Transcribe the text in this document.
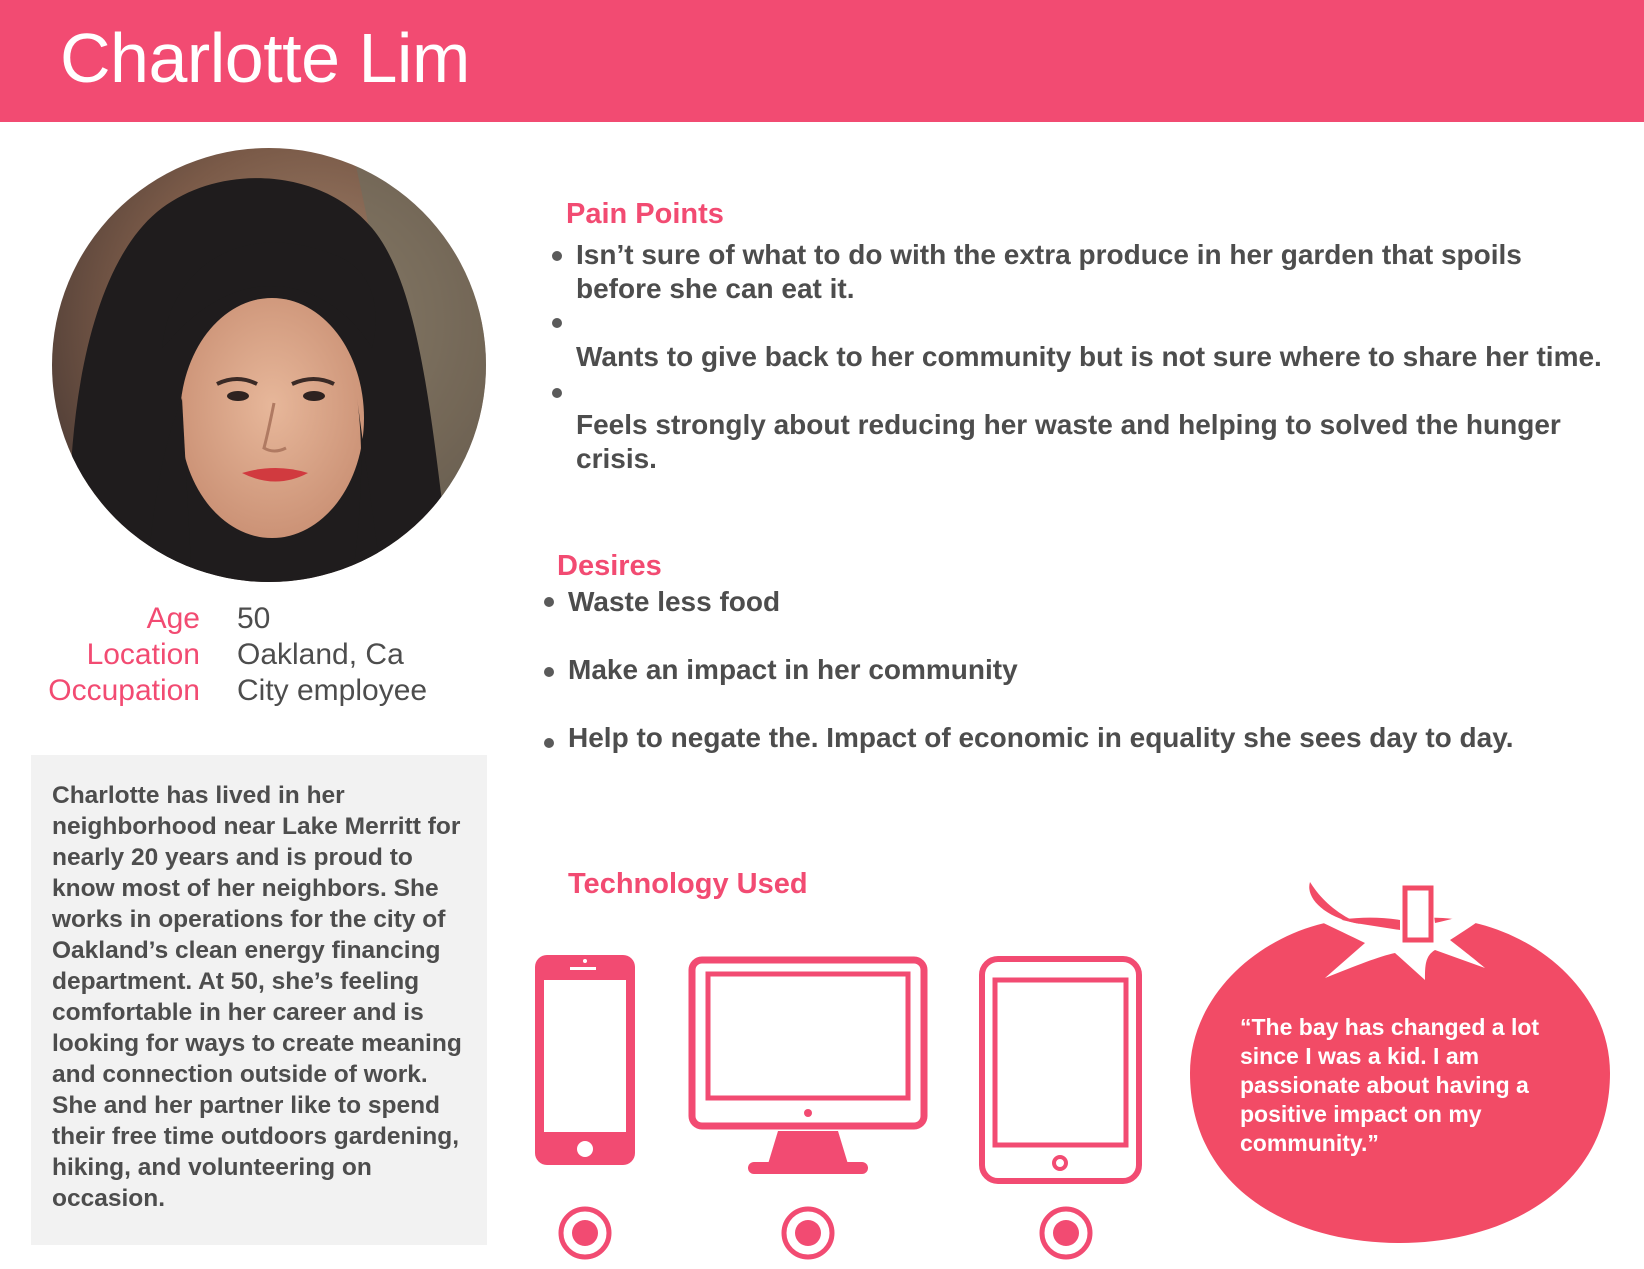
Charlotte Lim
Age 50
Location Oakland, Ca
Occupation City employee

Charlotte has lived in her neighborhood near Lake Merritt for nearly 20 years and is proud to know most of her neighbors. She works in operations for the city of Oakland’s clean energy financing department. At 50, she’s feeling comfortable in her career and is looking for ways to create meaning and connection outside of work. She and her partner like to spend their free time outdoors gardening, hiking, and volunteering on occasion.

Pain Points
Isn’t sure of what to do with the extra produce in her garden that spoils before she can eat it.
Wants to give back to her community but is not sure where to share her time.
Feels strongly about reducing her waste and helping to solved the hunger crisis.
Desires
Waste less food
Make an impact in her community
Help to negate the. Impact of economic in equality she sees day to day.
Technology Used
“The bay has changed a lot since I was a kid. I am passionate about having a positive impact on my community.”
